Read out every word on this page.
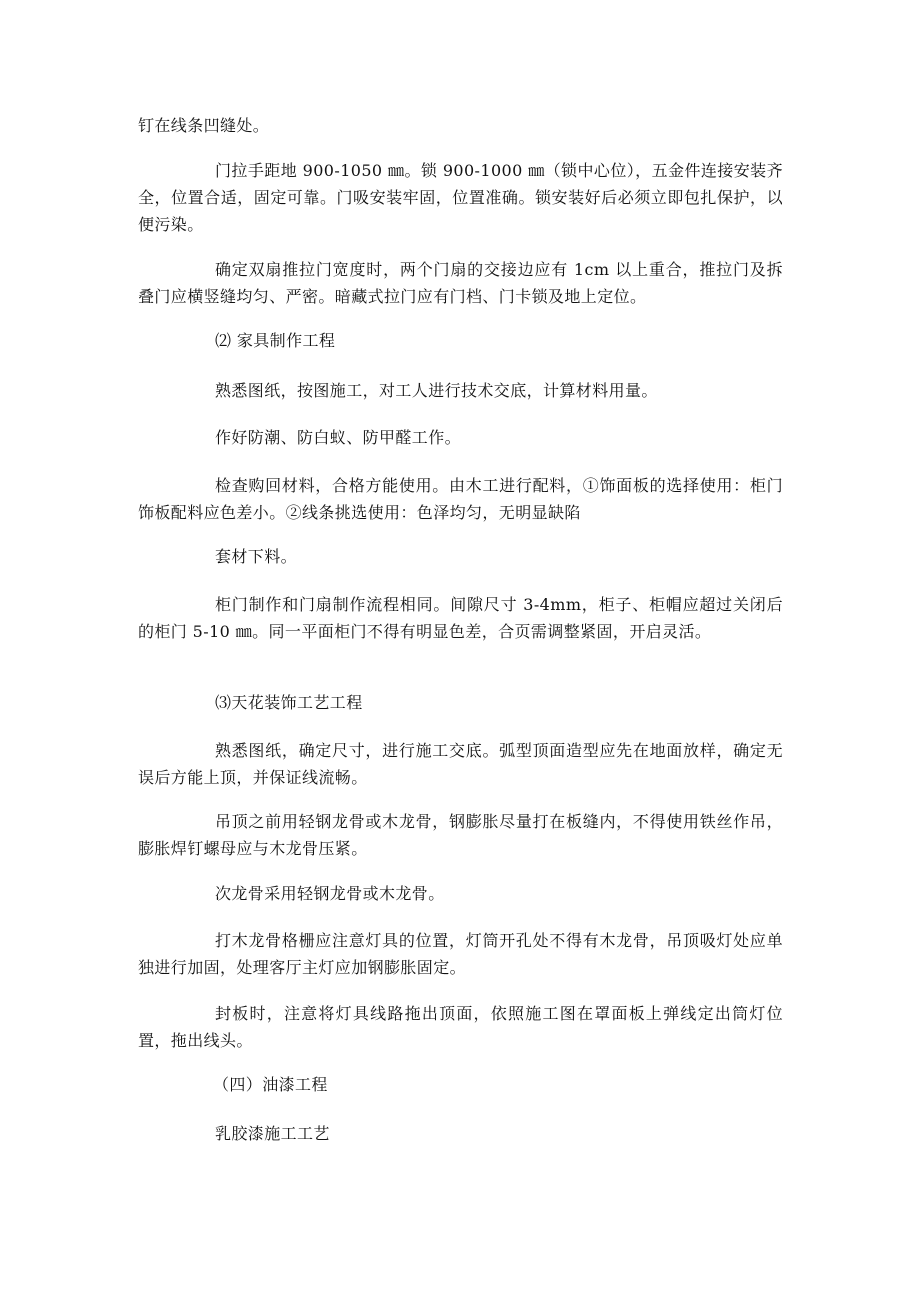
钉在线条凹缝处。

门拉手距地 900-1050 ㎜。锁 900-1000 ㎜（锁中心位），五金件连接安装齐全，位置合适，固定可靠。门吸安装牢固，位置准确。锁安装好后必须立即包扎保护，以便污染。

确定双扇推拉门宽度时，两个门扇的交接边应有 1cm 以上重合，推拉门及拆叠门应横竖缝均匀、严密。暗藏式拉门应有门档、门卡锁及地上定位。

⑵ 家具制作工程

熟悉图纸，按图施工，对工人进行技术交底，计算材料用量。

作好防潮、防白蚁、防甲醛工作。

检查购回材料，合格方能使用。由木工进行配料，①饰面板的选择使用：柜门饰板配料应色差小。②线条挑选使用：色泽均匀，无明显缺陷

套材下料。

柜门制作和门扇制作流程相同。间隙尺寸 3-4mm，柜子、柜帽应超过关闭后的柜门 5-10 ㎜。同一平面柜门不得有明显色差，合页需调整紧固，开启灵活。

⑶天花装饰工艺工程

熟悉图纸，确定尺寸，进行施工交底。弧型顶面造型应先在地面放样，确定无误后方能上顶，并保证线流畅。

吊顶之前用轻钢龙骨或木龙骨，钢膨胀尽量打在板缝内，不得使用铁丝作吊，膨胀焊钉螺母应与木龙骨压紧。

次龙骨采用轻钢龙骨或木龙骨。

打木龙骨格栅应注意灯具的位置，灯筒开孔处不得有木龙骨，吊顶吸灯处应单独进行加固，处理客厅主灯应加钢膨胀固定。

封板时，注意将灯具线路拖出顶面，依照施工图在罩面板上弹线定出筒灯位置，拖出线头。

（四）油漆工程

乳胶漆施工工艺
